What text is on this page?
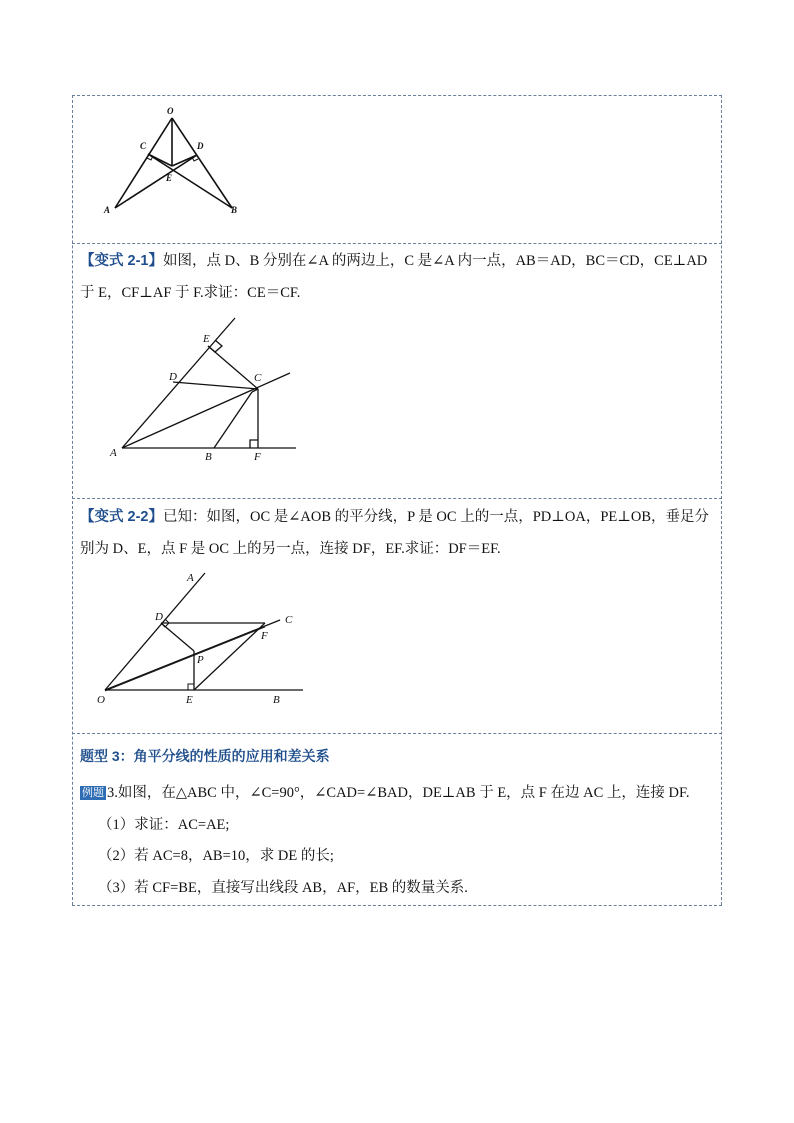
O
C	D
E
A	B
【变式 2-1】如图，点 D、B 分别在∠A 的两边上，C 是∠A 内一点，AB＝AD，BC＝CD，CE⊥AD
于 E，CF⊥AF 于 F.求证：CE＝CF.
E
D	C
A	B	F
【变式 2-2】已知：如图，OC 是∠AOB 的平分线，P 是 OC 上的一点，PD⊥OA，PE⊥OB，垂足分
别为 D、E，点 F 是 OC 上的另一点，连接 DF，EF.求证：DF＝EF.
A
C
D
F
P
O	E	B
题型 3：角平分线的性质的应用和差关系
例题 3.如图，在△ABC 中，∠C=90°，∠CAD=∠BAD，DE⊥AB 于 E，点 F 在边 AC 上，连接 DF.
（1）求证：AC=AE;
（2）若 AC=8，AB=10，求 DE 的长;
（3）若 CF=BE，直接写出线段 AB，AF，EB 的数量关系.
